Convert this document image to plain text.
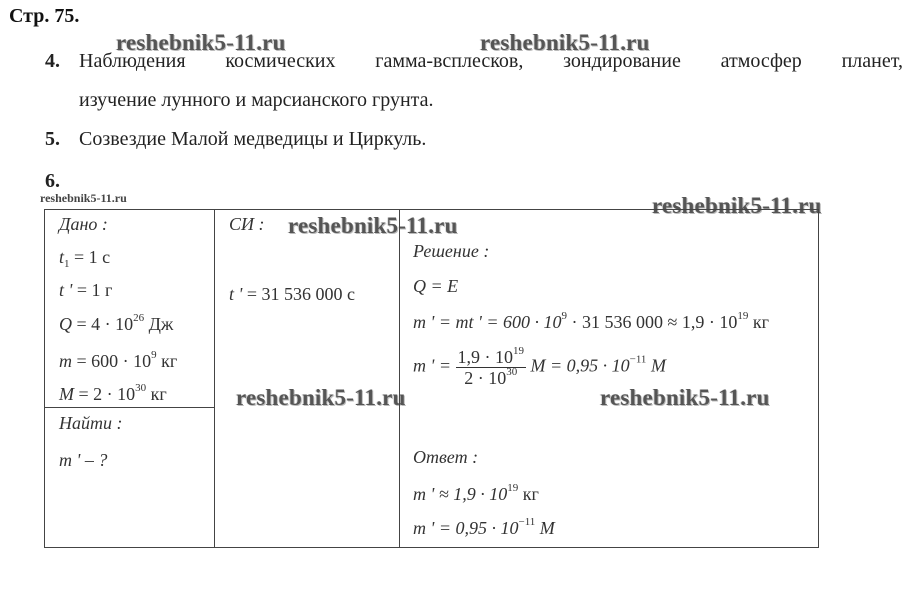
Стр. 75.
reshebnik5-11.ru	reshebnik5-11.ru
reshebnik5-11.ru
reshebnik5-11.ru
reshebnik5-11.ru	reshebnik5-11.ru
reshebnik5-11.ru
4. Наблюдения космических гамма-всплесков, зондирование атмосфер планет,
изучение лунного и марсианского грунта.
5. Созвездие Малой медведицы и Циркуль.
6.
Дано :
$t_1 = 1$ с
t ' = 1 г
$Q = 4 \cdot 10^{26}$ Дж
$m = 600 \cdot 10^9$ кг
$M = 2 \cdot 10^{30}$ кг
Найти :
m ' – ?
СИ :
t ' = 31 536 000 с
Решение :
Q = E
m ' = mt ' = $600 \cdot 10^9 \cdot 31$ 536 $000 \approx 1,9 \cdot 10^{19}$ кг
m ' = $\frac{1,9 \cdot 10^{19}}{2 \cdot 10^{30}}$ $M = 0,95 \cdot 10^{-11}$ M
Ответ :
m ' ≈ $1,9 \cdot 10^{19}$ кг
m ' = $0,95 \cdot 10^{-11}$ M
